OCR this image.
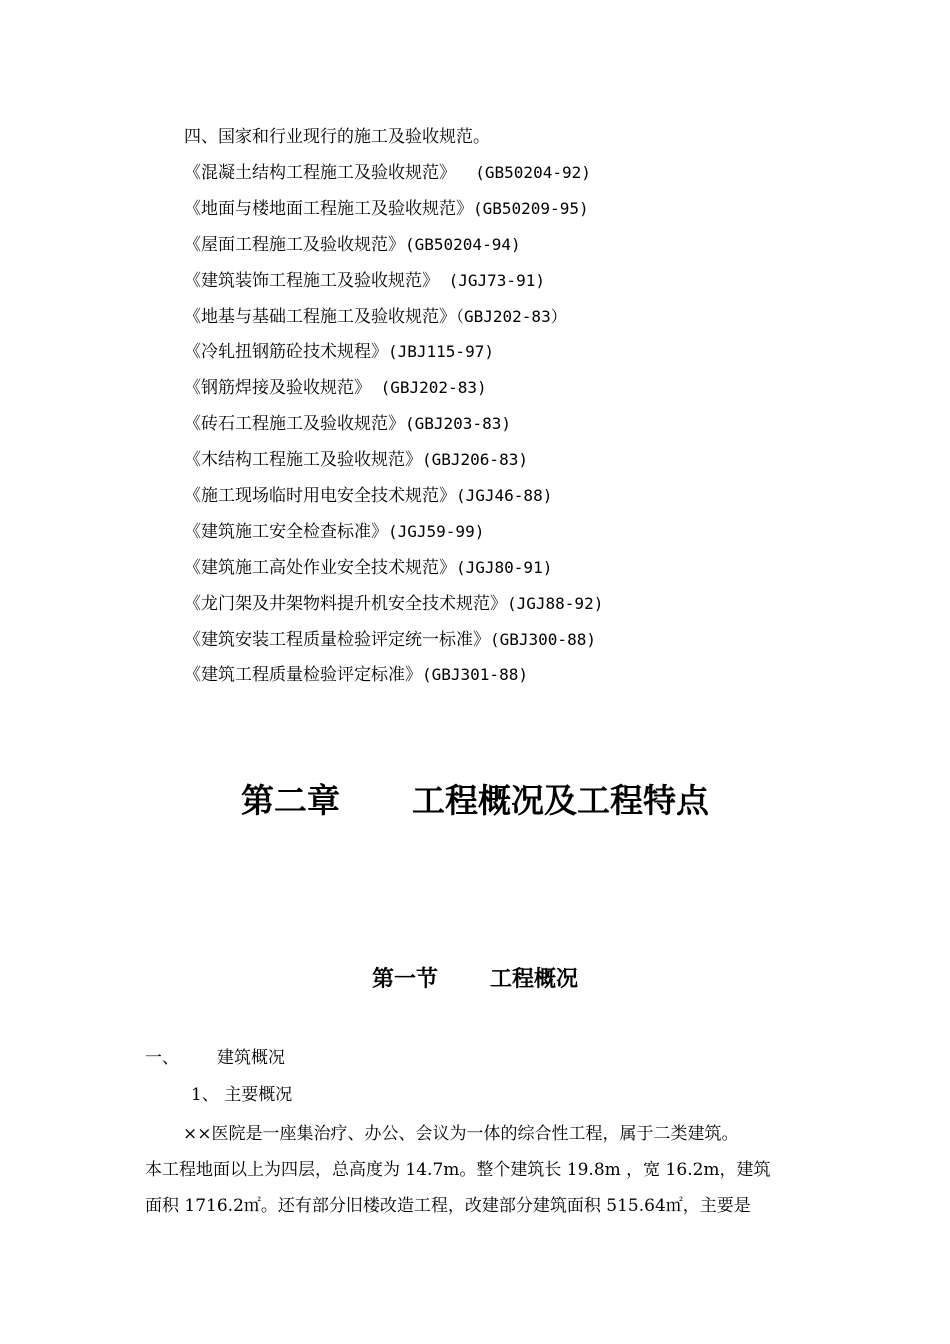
四、国家和行业现行的施工及验收规范。
《混凝土结构工程施工及验收规范》  (GB50204-92)
《地面与楼地面工程施工及验收规范》(GB50209-95)
《屋面工程施工及验收规范》(GB50204-94)
《建筑装饰工程施工及验收规范》 (JGJ73-91)
《地基与基础工程施工及验收规范》（GBJ202-83）
《冷轧扭钢筋砼技术规程》(JBJ115-97)
《钢筋焊接及验收规范》 (GBJ202-83)
《砖石工程施工及验收规范》(GBJ203-83)
《木结构工程施工及验收规范》(GBJ206-83)
《施工现场临时用电安全技术规范》(JGJ46-88)
《建筑施工安全检查标准》(JGJ59-99)
《建筑施工高处作业安全技术规范》(JGJ80-91)
《龙门架及井架物料提升机安全技术规范》(JGJ88-92)
《建筑安装工程质量检验评定统一标准》(GBJ300-88)
《建筑工程质量检验评定标准》(GBJ301-88)
第二章 工程概况及工程特点
第一节 工程概况
一、 建筑概况
1、 主要概况
××医院是一座集治疗、办公、会议为一体的综合性工程，属于二类建筑。
本工程地面以上为四层，总高度为 14.7m。整个建筑长 19.8m ，宽 16.2m，建筑
面积 1716.2㎡。还有部分旧楼改造工程，改建部分建筑面积 515.64㎡，主要是
